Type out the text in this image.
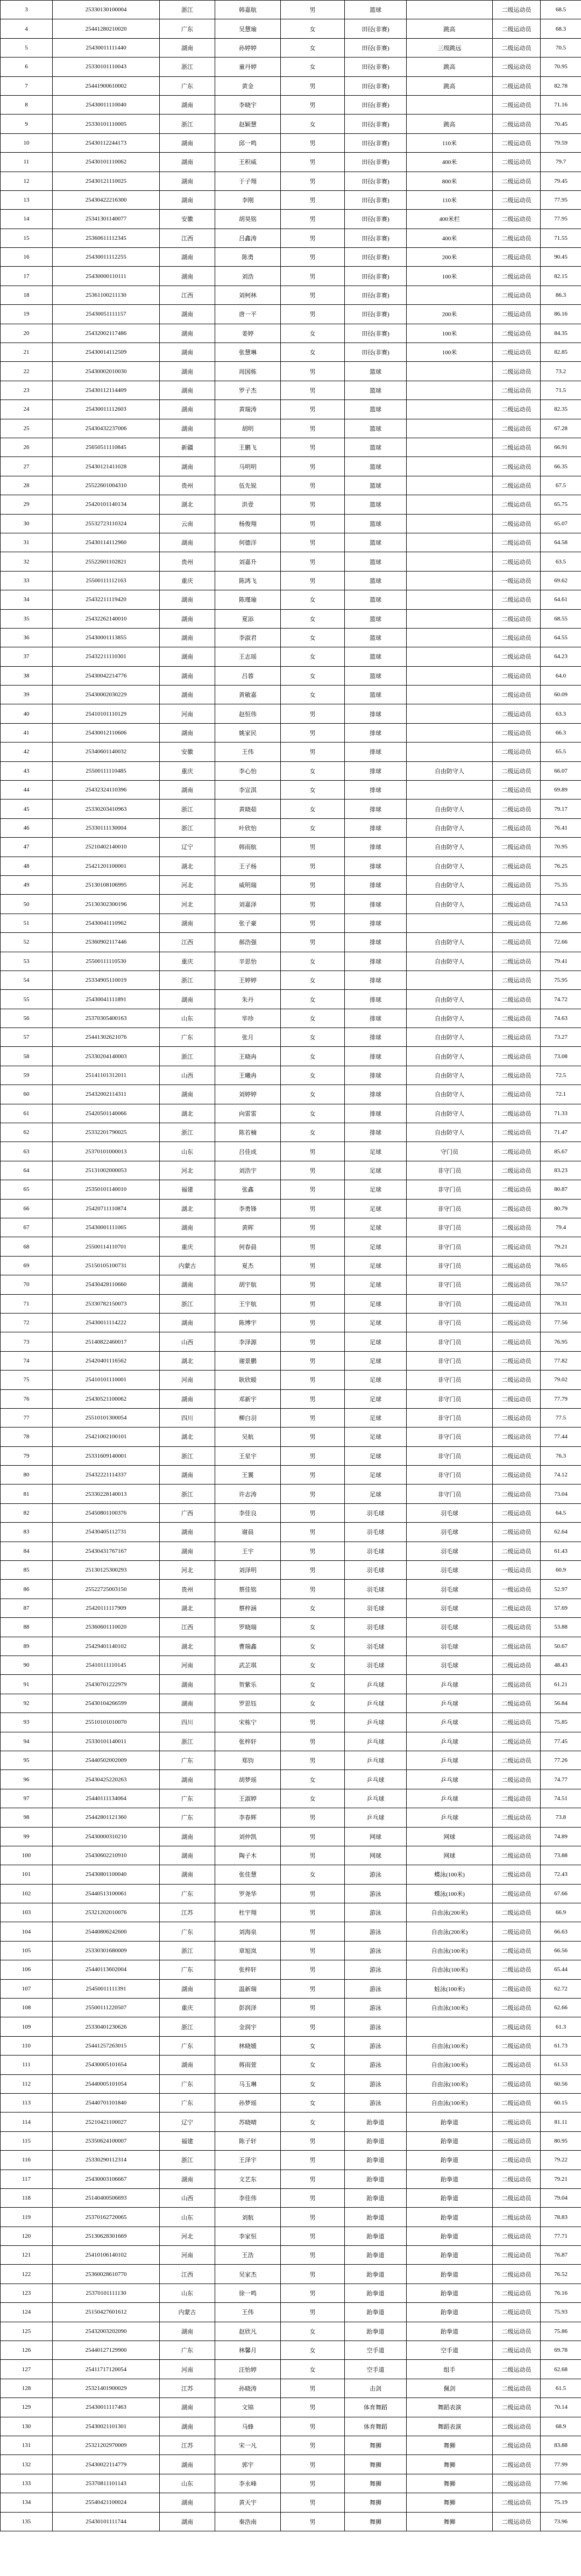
3	25330130100004	浙江	韩嘉航	男	篮球		二级运动员	68.5
4	25441280210020	广东	吴慧瑜	女	田径(非赛)	跳高	二级运动员	68.3
5	25430011111440	湖南	孙婷婷	女	田径(非赛)	三级跳远	二级运动员	70.5
6	25330101110043	浙江	童丹婷	女	田径(非赛)	跳高	二级运动员	70.95
7	25441900610002	广东	黄金	男	田径(非赛)	跳高	二级运动员	82.78
8	25430011110040	湖南	李晓宇	男	田径(非赛)		二级运动员	71.16
9	25330101110005	浙江	赵颖慧	女	田径(非赛)	跳高	二级运动员	70.45
10	25430112244173	湖南	邱一鸣	男	田径(非赛)	110米	二级运动员	79.59
11	25430101110062	湖南	王积威	男	田径(非赛)	400米	二级运动员	79.7
12	25430121110025	湖南	于子翔	男	田径(非赛)	800米	二级运动员	79.45
13	25430422216300	湖南	李刚	男	田径(非赛)	110米	二级运动员	77.95
14	25341301140077	安徽	胡昊铭	男	田径(非赛)	400米栏	二级运动员	77.95
15	25360611112345	江西	吕鑫涛	男	田径(非赛)	400米	二级运动员	71.55
16	25430011112255	湖南	陈勇	男	田径(非赛)	200米	二级运动员	90.45
17	25430000110111	湖南	刘浩	男	田径(非赛)	100米	二级运动员	82.15
18	25361100211130	江西	刘柯林	男	田径(非赛)		二级运动员	86.3
19	25430051111157	湖南	唐一平	男	田径(非赛)	200米	二级运动员	86.16
20	25432002117486	湖南	姜婷	女	田径(非赛)	100米	二级运动员	84.35
21	25430014112509	湖南	张慧琳	女	田径(非赛)	100米	二级运动员	82.85
22	25430002010030	湖南	周国栋	男	篮球		二级运动员	73.2
23	25430112114409	湖南	罗子杰	男	篮球		二级运动员	71.5
24	25430011112603	湖南	黄瑞涛	男	篮球		二级运动员	82.35
25	25430432237006	湖南	胡明	男	篮球		二级运动员	67.28
26	25650511110845	新疆	王鹏飞	男	篮球		二级运动员	66.91
27	25430121411028	湖南	马明明	男	篮球		二级运动员	66.35
28	25522601004310	贵州	伍先锐	男	篮球		二级运动员	67.5
29	25420101140134	湖北	洪壹	男	篮球		二级运动员	65.75
30	25532723110324	云南	杨俊翔	男	篮球		二级运动员	65.07
31	25430114112960	湖南	何德洋	男	篮球		二级运动员	64.58
32	25522601102821	贵州	刘嘉升	男	篮球		二级运动员	63.5
33	25500111112163	重庆	陈鸿飞	男	篮球		一级运动员	69.62
34	25432211119420	湖南	陈瑾瑜	女	篮球		二级运动员	64.61
35	25432262140010	湖南	夏添	女	篮球		二级运动员	68.55
36	25430001113855	湖南	李淑君	女	篮球		二级运动员	64.55
37	25432211110301	湖南	王志瑶	女	篮球		二级运动员	64.23
38	25430042214776	湖南	吕蓉	女	篮球		二级运动员	64.0
39	25430002030229	湖南	黄敏嘉	女	篮球		二级运动员	60.09
40	25410101110129	河南	赵恒伟	男	排球		二级运动员	63.3
41	25430012110606	湖南	姚家民	男	排球		二级运动员	66.3
42	25340601140032	安徽	王伟	男	排球		二级运动员	65.5
43	25500111110485	重庆	李心怡	女	排球	自由防守人	二级运动员	66.07
44	25432324110396	湖南	李宣淇	女	排球		二级运动员	69.89
45	25330203410963	浙江	黄晓茹	女	排球	自由防守人	二级运动员	79.17
46	25330111130004	浙江	叶欣怡	女	排球	自由防守人	二级运动员	76.41
47	25210402140010	辽宁	韩雨航	男	排球	自由防守人	二级运动员	70.95
48	25421201100001	湖北	王子杨	男	排球	自由防守人	二级运动员	76.25
49	25130108106995	河北	威明瑞	男	排球	自由防守人	二级运动员	75.35
50	25130302300196	河北	刘嘉泽	男	排球	自由防守人	二级运动员	74.53
51	25430041110962	湖南	张子豪	男	排球		二级运动员	72.86
52	25360902117446	江西	郝浩强	男	排球	自由防守人	二级运动员	72.66
53	25500111110530	重庆	辛思怡	女	排球	自由防守人	二级运动员	79.41
54	25334905110019	浙江	王婷婷	女	排球		二级运动员	75.95
55	25430041111891	湖南	朱丹	女	排球	自由防守人	二级运动员	74.72
56	25370305400163	山东	毕珍	女	排球	自由防守人	二级运动员	74.63
57	25441302621076	广东	张月	女	排球	自由防守人	二级运动员	73.27
58	25330204140003	浙江	王晓冉	女	排球	自由防守人	二级运动员	73.08
59	25141101312011	山西	王曦冉	女	排球	自由防守人	二级运动员	72.5
60	25432002114311	湖南	刘婷婷	女	排球	自由防守人	二级运动员	72.1
61	25420501140066	湖北	向雷雷	女	排球	自由防守人	二级运动员	71.33
62	25332201790025	浙江	陈若楠	女	排球	自由防守人	二级运动员	71.47
63	25370101000013	山东	吕佳成	男	足球	守门员	二级运动员	85.67
64	25131002000053	河北	刘浩宇	男	足球	非守门员	二级运动员	83.23
65	25350101140010	福建	张鑫	男	足球	非守门员	二级运动员	80.87
66	25420711110874	湖北	李勇锋	男	足球	非守门员	二级运动员	80.79
67	25430001111065	湖南	黄晖	男	足球	非守门员	二级运动员	79.4
68	25500114110701	重庆	何春晨	男	足球	非守门员	二级运动员	79.21
69	25150105100731	内蒙古	夏杰	男	足球	非守门员	二级运动员	78.65
70	25430428110660	湖南	胡宇航	男	足球	非守门员	二级运动员	78.57
71	25330782150073	浙江	王宇航	男	足球	非守门员	二级运动员	78.31
72	25430011114222	湖南	陈博宇	男	足球	非守门员	二级运动员	77.56
73	25140822460017	山西	李泽源	男	足球	非守门员	二级运动员	76.95
74	25420401116562	湖北	谢景鹏	男	足球	非守门员	二级运动员	77.82
75	25410101110001	河南	耿欣暖	男	足球	非守门员	二级运动员	79.02
76	25430521100062	湖南	邓新宇	男	足球	非守门员	二级运动员	77.79
77	25510101300054	四川	柳白羽	男	足球	非守门员	二级运动员	77.5
78	25421002100101	湖北	吴航	男	足球	非守门员	二级运动员	77.44
79	25331609140001	浙江	王星宇	男	足球	非守门员	二级运动员	76.3
80	25432221114337	湖南	王翼	男	足球	非守门员	二级运动员	74.12
81	25330228140013	浙江	许志涛	男	足球	非守门员	二级运动员	73.04
82	25450801100376	广西	李佳良	男	羽毛球	羽毛球	二级运动员	64.5
83	25430405112731	湖南	谢晨	男	羽毛球	羽毛球	二级运动员	62.64
84	25430431767167	湖南	王宇	男	羽毛球	羽毛球	二级运动员	61.43
85	25130125300293	河北	刘泽明	男	羽毛球	羽毛球	一级运动员	60.9
86	25522725003150	贵州	蔡佳铭	男	羽毛球	羽毛球	一级运动员	52.97
87	25420111117909	湖北	蔡梓涵	女	羽毛球	羽毛球	二级运动员	57.69
88	25360601110020	江西	罗晓瑞	女	羽毛球	羽毛球	二级运动员	53.88
89	25429401140102	湖北	曹瑞鑫	女	羽毛球	羽毛球	二级运动员	50.67
90	25410111110145	河南	武芷琪	女	羽毛球	羽毛球	二级运动员	48.43
91	25430701222979	湖南	贺紫乐	女	乒乓球	乒乓球	二级运动员	61.21
92	25430104266599	湖南	罗思钰	女	乒乓球	乒乓球	二级运动员	56.84
93	25510101010070	四川	宋栋宁	男	乒乓球	乒乓球	二级运动员	75.85
94	25330101140011	浙江	张梓轩	男	乒乓球	乒乓球	二级运动员	77.45
95	25440502002009	广东	郑钧	男	乒乓球	乒乓球	二级运动员	77.26
96	25430425220263	湖南	胡梦瑶	女	乒乓球	乒乓球	二级运动员	74.77
97	25440111134064	广东	王淑婷	女	乒乓球	乒乓球	二级运动员	74.51
98	25442801121360	广东	李春辉	男	乒乓球	乒乓球	二级运动员	73.8
99	25430000310210	湖南	刘仲凯	男	网球	网球	二级运动员	74.89
100	25430602210910	湖南	陶子木	男	网球	网球	二级运动员	73.88
101	25430801100040	湖南	张佳慧	女	游泳	蝶泳(100米)	二级运动员	72.43
102	25440513100061	广东	罗尧华	男	游泳	蝶泳(100米)	二级运动员	67.66
103	25321202010076	江苏	杜宇翔	男	游泳	自由泳(200米)	二级运动员	66.9
104	25440806242600	广东	刘海泉	男	游泳	自由泳(200米)	二级运动员	66.63
105	25330301680009	浙江	章旭岚	男	游泳	自由泳(100米)	二级运动员	66.56
106	25440113602004	广东	张梓轩	男	游泳	自由泳(100米)	二级运动员	65.44
107	25450011111391	湖南	温新瑞	男	游泳	蛙泳(100米)	二级运动员	62.72
108	25500111220507	重庆	彭润泽	男	游泳	自由泳(100米)	二级运动员	62.66
109	25330401230626	浙江	金润宇	男	游泳		二级运动员	61.3
110	25441257263015	广东	林晓媛	女	游泳	自由泳(100米)	二级运动员	61.73
111	25430005101654	湖南	蒋雨萱	女	游泳	自由泳(100米)	二级运动员	61.53
112	25440005101054	广东	马玉琳	女	游泳	自由泳(100米)	二级运动员	60.56
113	25440701101840	广东	孙梦瑶	女	游泳	自由泳(100米)	二级运动员	60.15
114	25210421100027	辽宁	苏晓晴	女	跆拳道	跆拳道	二级运动员	81.11
115	25350624100007	福建	陈子轩	男	跆拳道	跆拳道	二级运动员	80.95
116	25330290112314	浙江	王泽宇	男	跆拳道	跆拳道	二级运动员	79.22
117	25430003106667	湖南	文艺东	男	跆拳道	跆拳道	二级运动员	79.21
118	25140400506693	山西	李佳伟	男	跆拳道	跆拳道	二级运动员	79.04
119	25370162720065	山东	刘航	男	跆拳道	跆拳道	二级运动员	78.83
120	25130628301669	河北	李家恒	男	跆拳道	跆拳道	二级运动员	77.71
121	25410106140102	河南	王浩	男	跆拳道	跆拳道	二级运动员	76.87
122	25360028610770	江西	吴家杰	男	跆拳道	跆拳道	二级运动员	76.52
123	25370101111130	山东	徐一鸣	男	跆拳道	跆拳道	二级运动员	76.16
124	25150427601612	内蒙古	王伟	男	跆拳道	跆拳道	二级运动员	75.93
125	25432003202090	湖南	赵欣凡	女	跆拳道	跆拳道	二级运动员	75.86
126	25440127129900	广东	林馨月	女	空手道	空手道	二级运动员	69.78
127	25411717120054	河南	汪怡婷	女	空手道	组手	二级运动员	62.68
128	25321401900029	江苏	孙晓涛	男	击剑	佩剑	二级运动员	61.5
129	25430011117463	湖南	文锦	男	体育舞蹈	舞蹈表演	二级运动员	70.14
130	25430021101301	湖南	马蜂	男	体育舞蹈	舞蹈表演	二级运动员	68.9
131	25321202970009	江苏	宋一凡	男	舞狮	舞狮	二级运动员	83.88
132	25430022114779	湖南	郭宇	男	舞狮	舞狮	二级运动员	77.99
133	25370811101143	山东	李永峰	男	舞狮	舞狮	二级运动员	77.96
134	25540421100024	湖南	黄天宇	男	舞狮	舞狮	二级运动员	75.19
135	25430101111744	湖南	秦浩南	男	舞狮	舞狮	二级运动员	73.96
